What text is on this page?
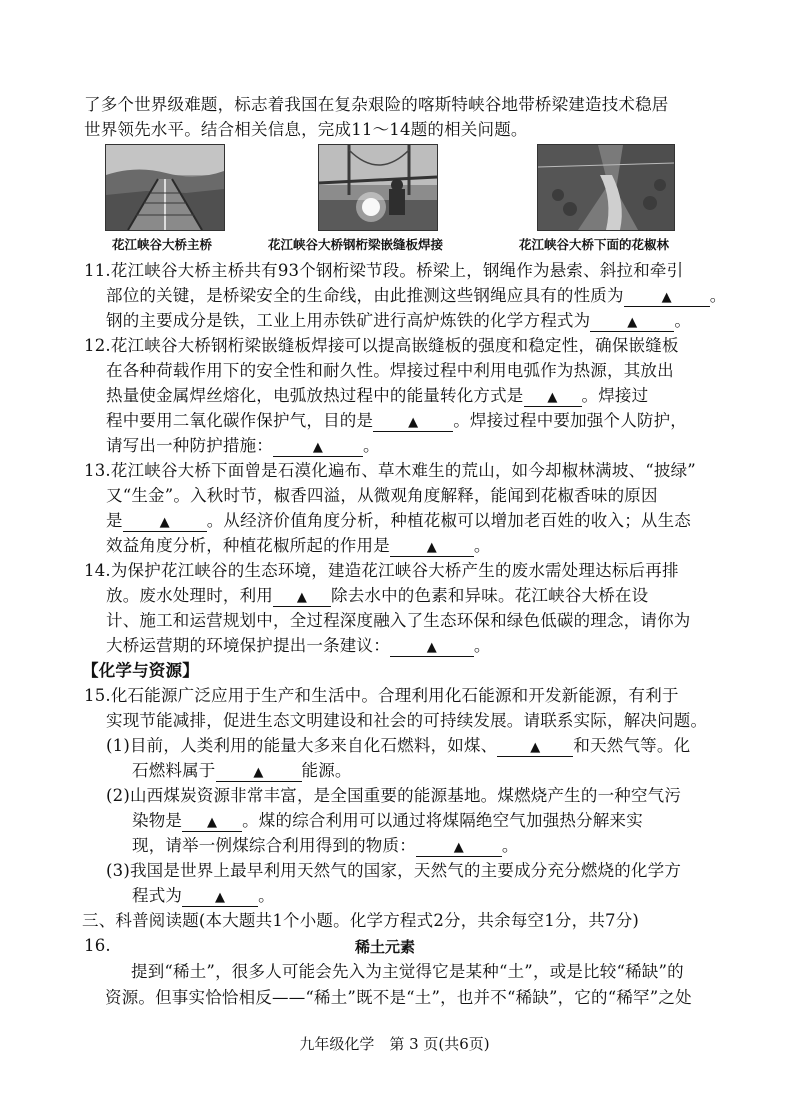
了多个世界级难题，标志着我国在复杂艰险的喀斯特峡谷地带桥梁建造技术稳居
世界领先水平。结合相关信息，完成11～14题的相关问题。
花江峡谷大桥主桥	花江峡谷大桥钢桁梁嵌缝板焊接	花江峡谷大桥下面的花椒林
11.花江峡谷大桥主桥共有93个钢桁梁节段。桥梁上，钢绳作为悬索、斜拉和牵引
部位的关键，是桥梁安全的生命线，由此推测这些钢绳应具有的性质为	▲ 。
钢的主要成分是铁，工业上用赤铁矿进行高炉炼铁的化学方程式为	▲ 。
12.花江峡谷大桥钢桁梁嵌缝板焊接可以提高嵌缝板的强度和稳定性，确保嵌缝板
在各种荷载作用下的安全性和耐久性。焊接过程中利用电弧作为热源，其放出
热量使金属焊丝熔化，电弧放热过程中的能量转化方式是 ▲ 。焊接过
程中要用二氧化碳作保护气，目的是	▲ 。焊接过程中要加强个人防护，
请写出一种防护措施：	▲ 。
13.花江峡谷大桥下面曾是石漠化遍布、草木难生的荒山，如今却椒林满坡、“披绿”
又“生金”。入秋时节，椒香四溢，从微观角度解释，能闻到花椒香味的原因
是	▲ 。从经济价值角度分析，种植花椒可以增加老百姓的收入；从生态
效益角度分析，种植花椒所起的作用是	▲ 。
14.为保护花江峡谷的生态环境，建造花江峡谷大桥产生的废水需处理达标后再排
放。废水处理时，利用 ▲ 除去水中的色素和异味。花江峡谷大桥在设
计、施工和运营规划中，全过程深度融入了生态环保和绿色低碳的理念，请你为
大桥运营期的环境保护提出一条建议：	▲ 。
【化学与资源】
15.化石能源广泛应用于生产和生活中。合理利用化石能源和开发新能源，有利于
实现节能减排，促进生态文明建设和社会的可持续发展。请联系实际，解决问题。
(1)目前，人类利用的能量大多来自化石燃料，如煤、	▲ 和天然气等。化
石燃料属于	▲ 能源。
(2)山西煤炭资源非常丰富，是全国重要的能源基地。煤燃烧产生的一种空气污
染物是 ▲ 。煤的综合利用可以通过将煤隔绝空气加强热分解来实
现，请举一例煤综合利用得到的物质：	▲ 。
(3)我国是世界上最早利用天然气的国家，天然气的主要成分充分燃烧的化学方
程式为	▲ 。
三、科普阅读题(本大题共1个小题。化学方程式2分，共余每空1分，共7分)
16.	稀土元素
提到“稀土”，很多人可能会先入为主觉得它是某种“土”，或是比较“稀缺”的
资源。但事实恰恰相反——“稀土”既不是“土”，也并不“稀缺”，它的“稀罕”之处
九年级化学　第 3 页(共6页)
